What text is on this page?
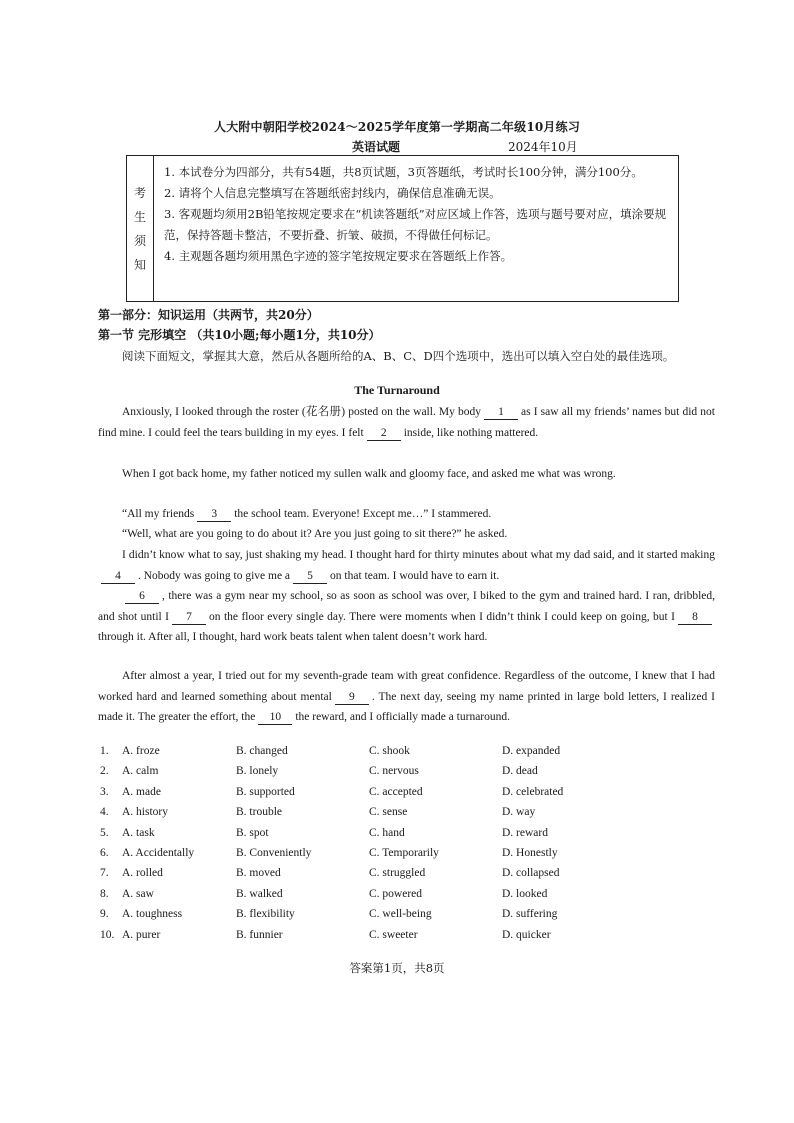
人大附中朝阳学校2024～2025学年度第一学期高二年级10月练习
英语试题	2024年10月
考
生
须
知

1. 本试卷分为四部分，共有54题，共8页试题，3页答题纸，考试时长100分钟，满分100分。

2. 请将个人信息完整填写在答题纸密封线内，确保信息准确无误。

3. 客观题均须用2B铅笔按规定要求在“机读答题纸”对应区域上作答，选项与题号要对应，填涂要规范，保持答题卡整洁，不要折叠、折皱、破损，不得做任何标记。

4. 主观题各题均须用黑色字迹的签字笔按规定要求在答题纸上作答。

第一部分：知识运用（共两节，共20分）
第一节 完形填空 （共10小题;每小题1分，共10分）

阅读下面短文，掌握其大意，然后从各题所给的A、B、C、D四个选项中，选出可以填入空白处的最佳选项。

The Turnaround

Anxiously, I looked through the roster (花名册) posted on the wall. My body 1 as I saw all my friends’ names but did not find mine. I could feel the tears building in my eyes. I felt 2 inside, like nothing mattered.

When I got back home, my father noticed my sullen walk and gloomy face, and asked me what was wrong.

“All my friends 3 the school team. Everyone! Except me…” I stammered.

“Well, what are you going to do about it? Are you just going to sit there?” he asked.

I didn’t know what to say, just shaking my head. I thought hard for thirty minutes about what my dad said, and it started making4 . Nobody was going to give me a 5 on that team. I would have to earn it.

6 , there was a gym near my school, so as soon as school was over, I biked to the gym and trained hard. I ran, dribbled, and shot until I 7 on the floor every single day. There were moments when I didn’t think I could keep on going, but I 8through it. After all, I thought, hard work beats talent when talent doesn’t work hard.

After almost a year, I tried out for my seventh-grade team with great confidence. Regardless of the outcome, I knew that I had worked hard and learned something about mental 9 . The next day, seeing my name printed in large bold letters, I realized I made it. The greater the effort, the 10 the reward, and I officially made a turnaround.

1. A. froze	B. changed	C. shook	D. expanded
2. A. calm	B. lonely	C. nervous	D. dead
3. A. made	B. supported	C. accepted	D. celebrated
4. A. history	B. trouble	C. sense	D. way
5. A. task	B. spot	C. hand	D. reward
6. A. Accidentally	B. Conveniently	C. Temporarily	D. Honestly
7. A. rolled	B. moved	C. struggled	D. collapsed
8. A. saw	B. walked	C. powered	D. looked
9. A. toughness	B. flexibility	C. well-being	D. suffering
10. A. purer	B. funnier	C. sweeter	D. quicker
答案第1页，共8页
